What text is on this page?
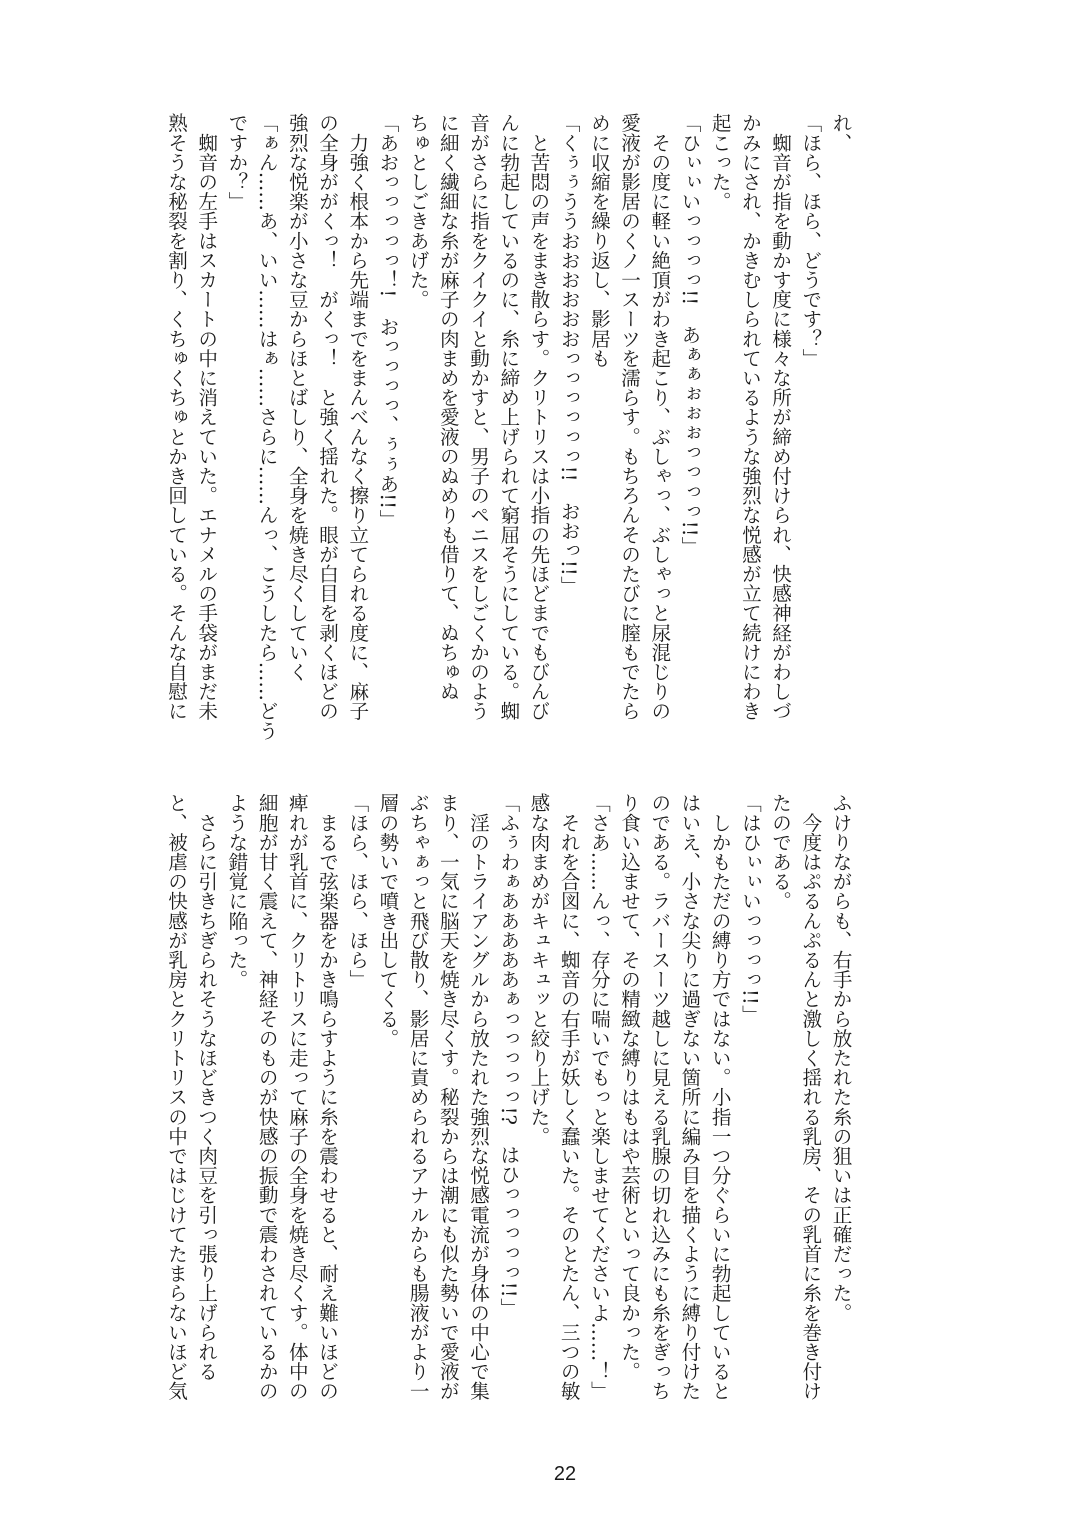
れ、
「ほら、ほら、どうです？」
　蜘音が指を動かす度に様々な所が締め付けられ、快感神経がわしづ
かみにされ、かきむしられているような強烈な悦感が立て続けにわき
起こった。
「ひぃぃいっっっっ!!　あぁぁぉぉぉっっっっ!!」
　その度に軽い絶頂がわき起こり、ぶしゃっ、ぶしゃっと尿混じりの
愛液が影居のくノ一スーツを濡らす。もちろんそのたびに膣もでたら
めに収縮を繰り返し、影居も
「くぅぅううおおおおおおっっっっっっ!!　おおっ!!」
　と苦悶の声をまき散らす。クリトリスは小指の先ほどまでもびんび
んに勃起しているのに、糸に締め上げられて窮屈そうにしている。蜘
音がさらに指をクイクイと動かすと、男子のペニスをしごくかのよう
に細く繊細な糸が麻子の肉まめを愛液のぬめりも借りて、ぬちゅぬ
ちゅとしごきあげた。
「あおっっっっっ！!　おっっっっ、ぅぅあ!!」
　力強く根本から先端までをまんべんなく擦り立てられる度に、麻子
の全身ががくっ！　がくっ！　と強く揺れた。眼が白目を剥くほどの
強烈な悦楽が小さな豆からほとばしり、全身を焼き尽くしていく
「ぁん……あ、いい……はぁ……さらに……んっ、こうしたら……どう
ですか？」
　蜘音の左手はスカートの中に消えていた。エナメルの手袋がまだ未
熟そうな秘裂を割り、くちゅくちゅとかき回している。そんな自慰に
ふけりながらも、右手から放たれた糸の狙いは正確だった。
　今度はぷるんぷるんと激しく揺れる乳房、その乳首に糸を巻き付け
たのである。
「はひぃぃいっっっっ!!」
　しかもただの縛り方ではない。小指一つ分ぐらいに勃起していると
はいえ、小さな尖りに過ぎない箇所に編み目を描くように縛り付けた
のである。ラバースーツ越しに見える乳腺の切れ込みにも糸をぎっち
り食い込ませて、その精緻な縛りはもはや芸術といって良かった。
「さあ……んっ、存分に喘いでもっと楽しませてくださいよ……！」
　それを合図に、蜘音の右手が妖しく蠢いた。そのとたん、三つの敏
感な肉まめがキュキュッと絞り上げた。
「ふぅわぁあああああぁっっっっっ!?　はひっっっっっ!!」
　淫のトライアングルから放たれた強烈な悦感電流が身体の中心で集
まり、一気に脳天を焼き尽くす。秘裂からは潮にも似た勢いで愛液が
ぶちゃぁっと飛び散り、影居に責められるアナルからも腸液がより一
層の勢いで噴き出してくる。
「ほら、ほら、ほら」
　まるで弦楽器をかき鳴らすように糸を震わせると、耐え難いほどの
痺れが乳首に、クリトリスに走って麻子の全身を焼き尽くす。体中の
細胞が甘く震えて、神経そのものが快感の振動で震わされているかの
ような錯覚に陥った。
　さらに引きちぎられそうなほどきつく肉豆を引っ張り上げられる
と、被虐の快感が乳房とクリトリスの中ではじけてたまらないほど気
22
